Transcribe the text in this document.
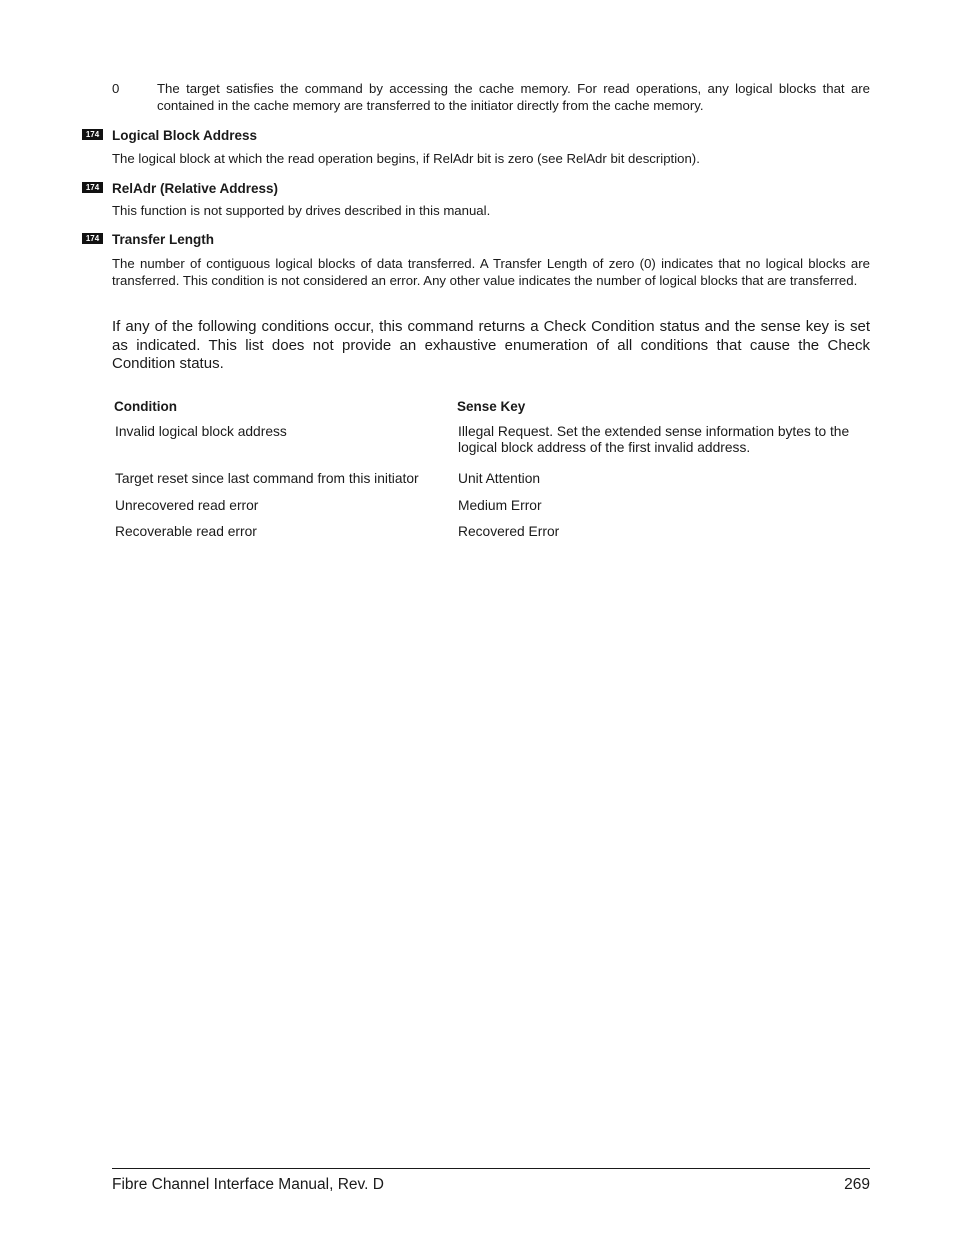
0	The target satisfies the command by accessing the cache memory. For read operations, any logical blocks that are contained in the cache memory are transferred to the initiator directly from the cache memory.
174 Logical Block Address
The logical block at which the read operation begins, if RelAdr bit is zero (see RelAdr bit description).
174 RelAdr (Relative Address)
This function is not supported by drives described in this manual.
174 Transfer Length
The number of contiguous logical blocks of data transferred. A Transfer Length of zero (0) indicates that no logical blocks are transferred. This condition is not considered an error. Any other value indicates the number of logical blocks that are transferred.
If any of the following conditions occur, this command returns a Check Condition status and the sense key is set as indicated. This list does not provide an exhaustive enumeration of all conditions that cause the Check Condition status.
Condition	Sense Key
Invalid logical block address	Illegal Request. Set the extended sense information bytes to the logical block address of the first invalid address.
Target reset since last command from this initiator	Unit Attention
Unrecovered read error	Medium Error
Recoverable read error	Recovered Error
Fibre Channel Interface Manual, Rev. D	269
